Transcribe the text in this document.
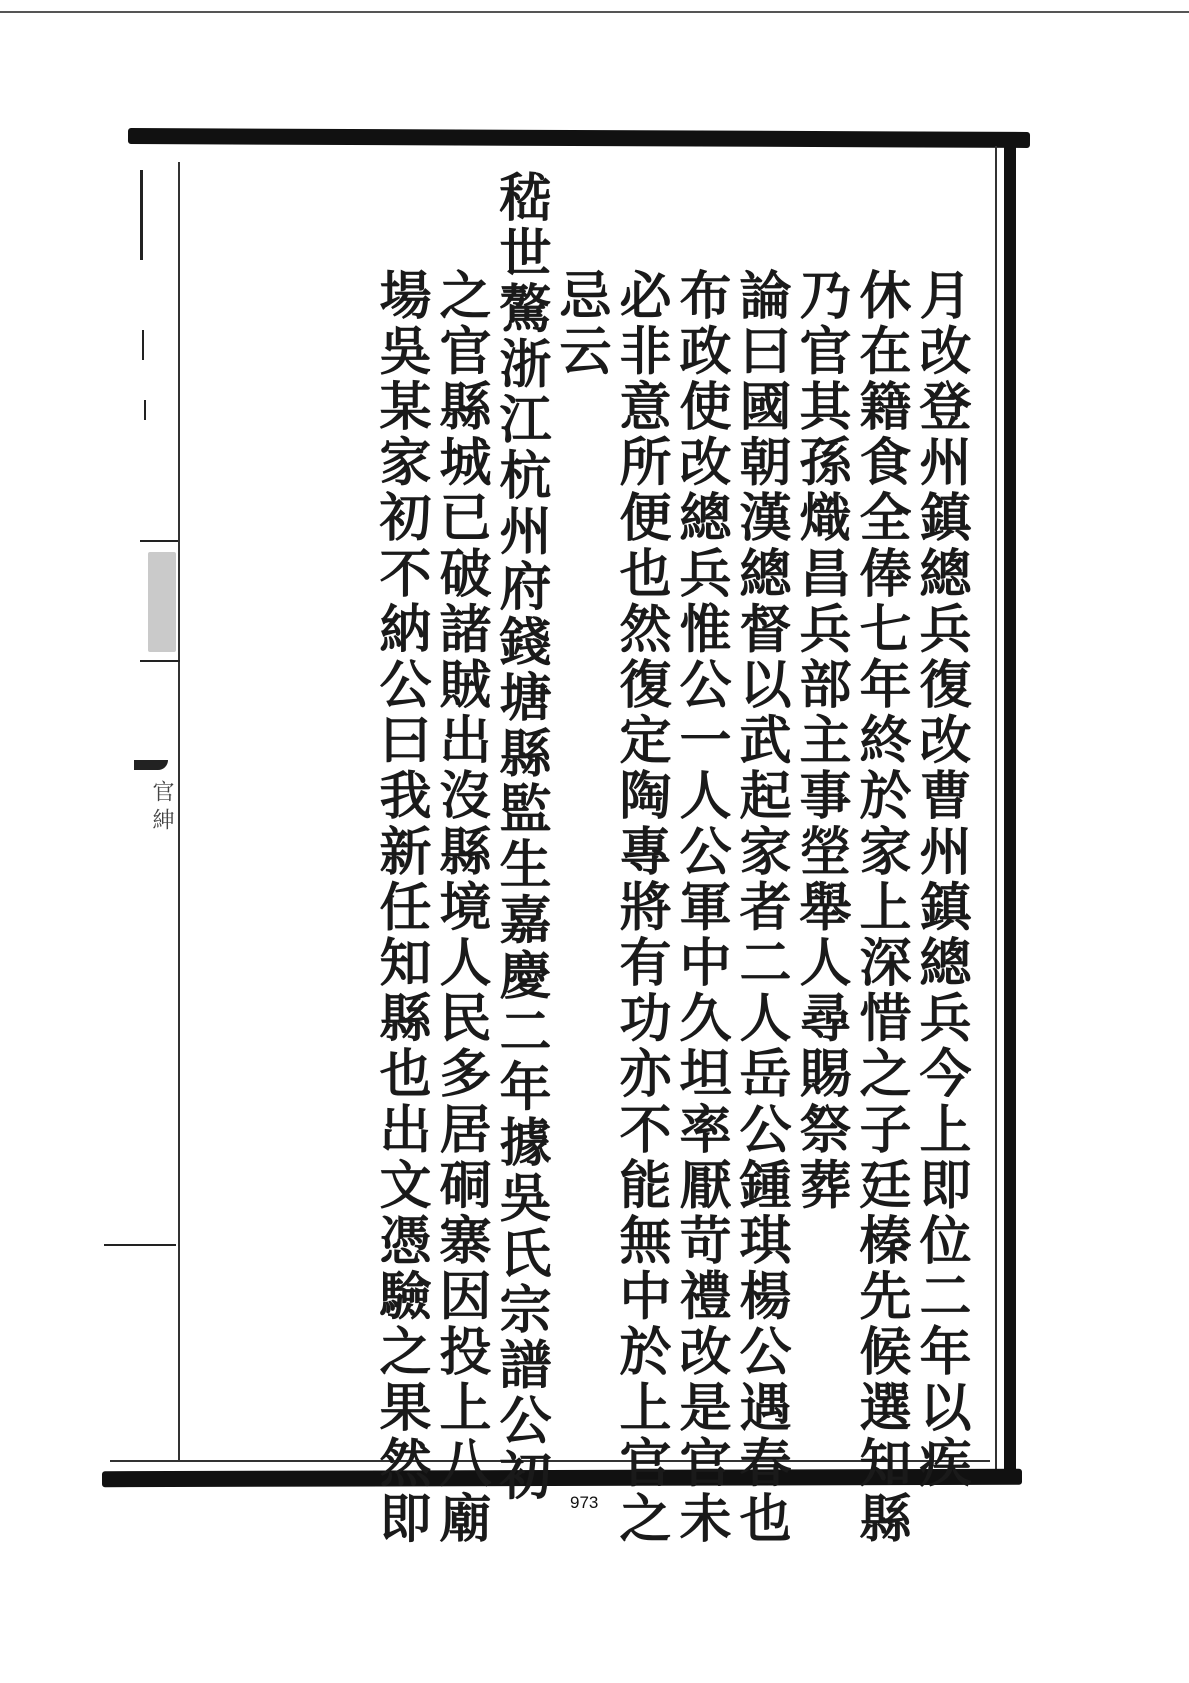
官紳	月改登州鎮總兵復改曹州鎮總兵今上即位二年以疾
休在籍食全俸七年終於家上深惜之子廷榛先候選知縣
乃官其孫熾昌兵部主事塋舉人尋賜祭葬
論曰國朝漢總督以武起家者二人岳公鍾琪楊公遇春也
布政使改總兵惟公一人公軍中久坦率厭苛禮改是官未
必非意所便也然復定陶專將有功亦不能無中於上官之
忌云
嵇世驁浙江杭州府錢塘縣監生嘉慶二年據吳氏宗譜公初
之官縣城已破諸賊出沒縣境人民多居硐寨因投上八廟
場吳某家初不納公曰我新任知縣也出文憑驗之果然即	973
